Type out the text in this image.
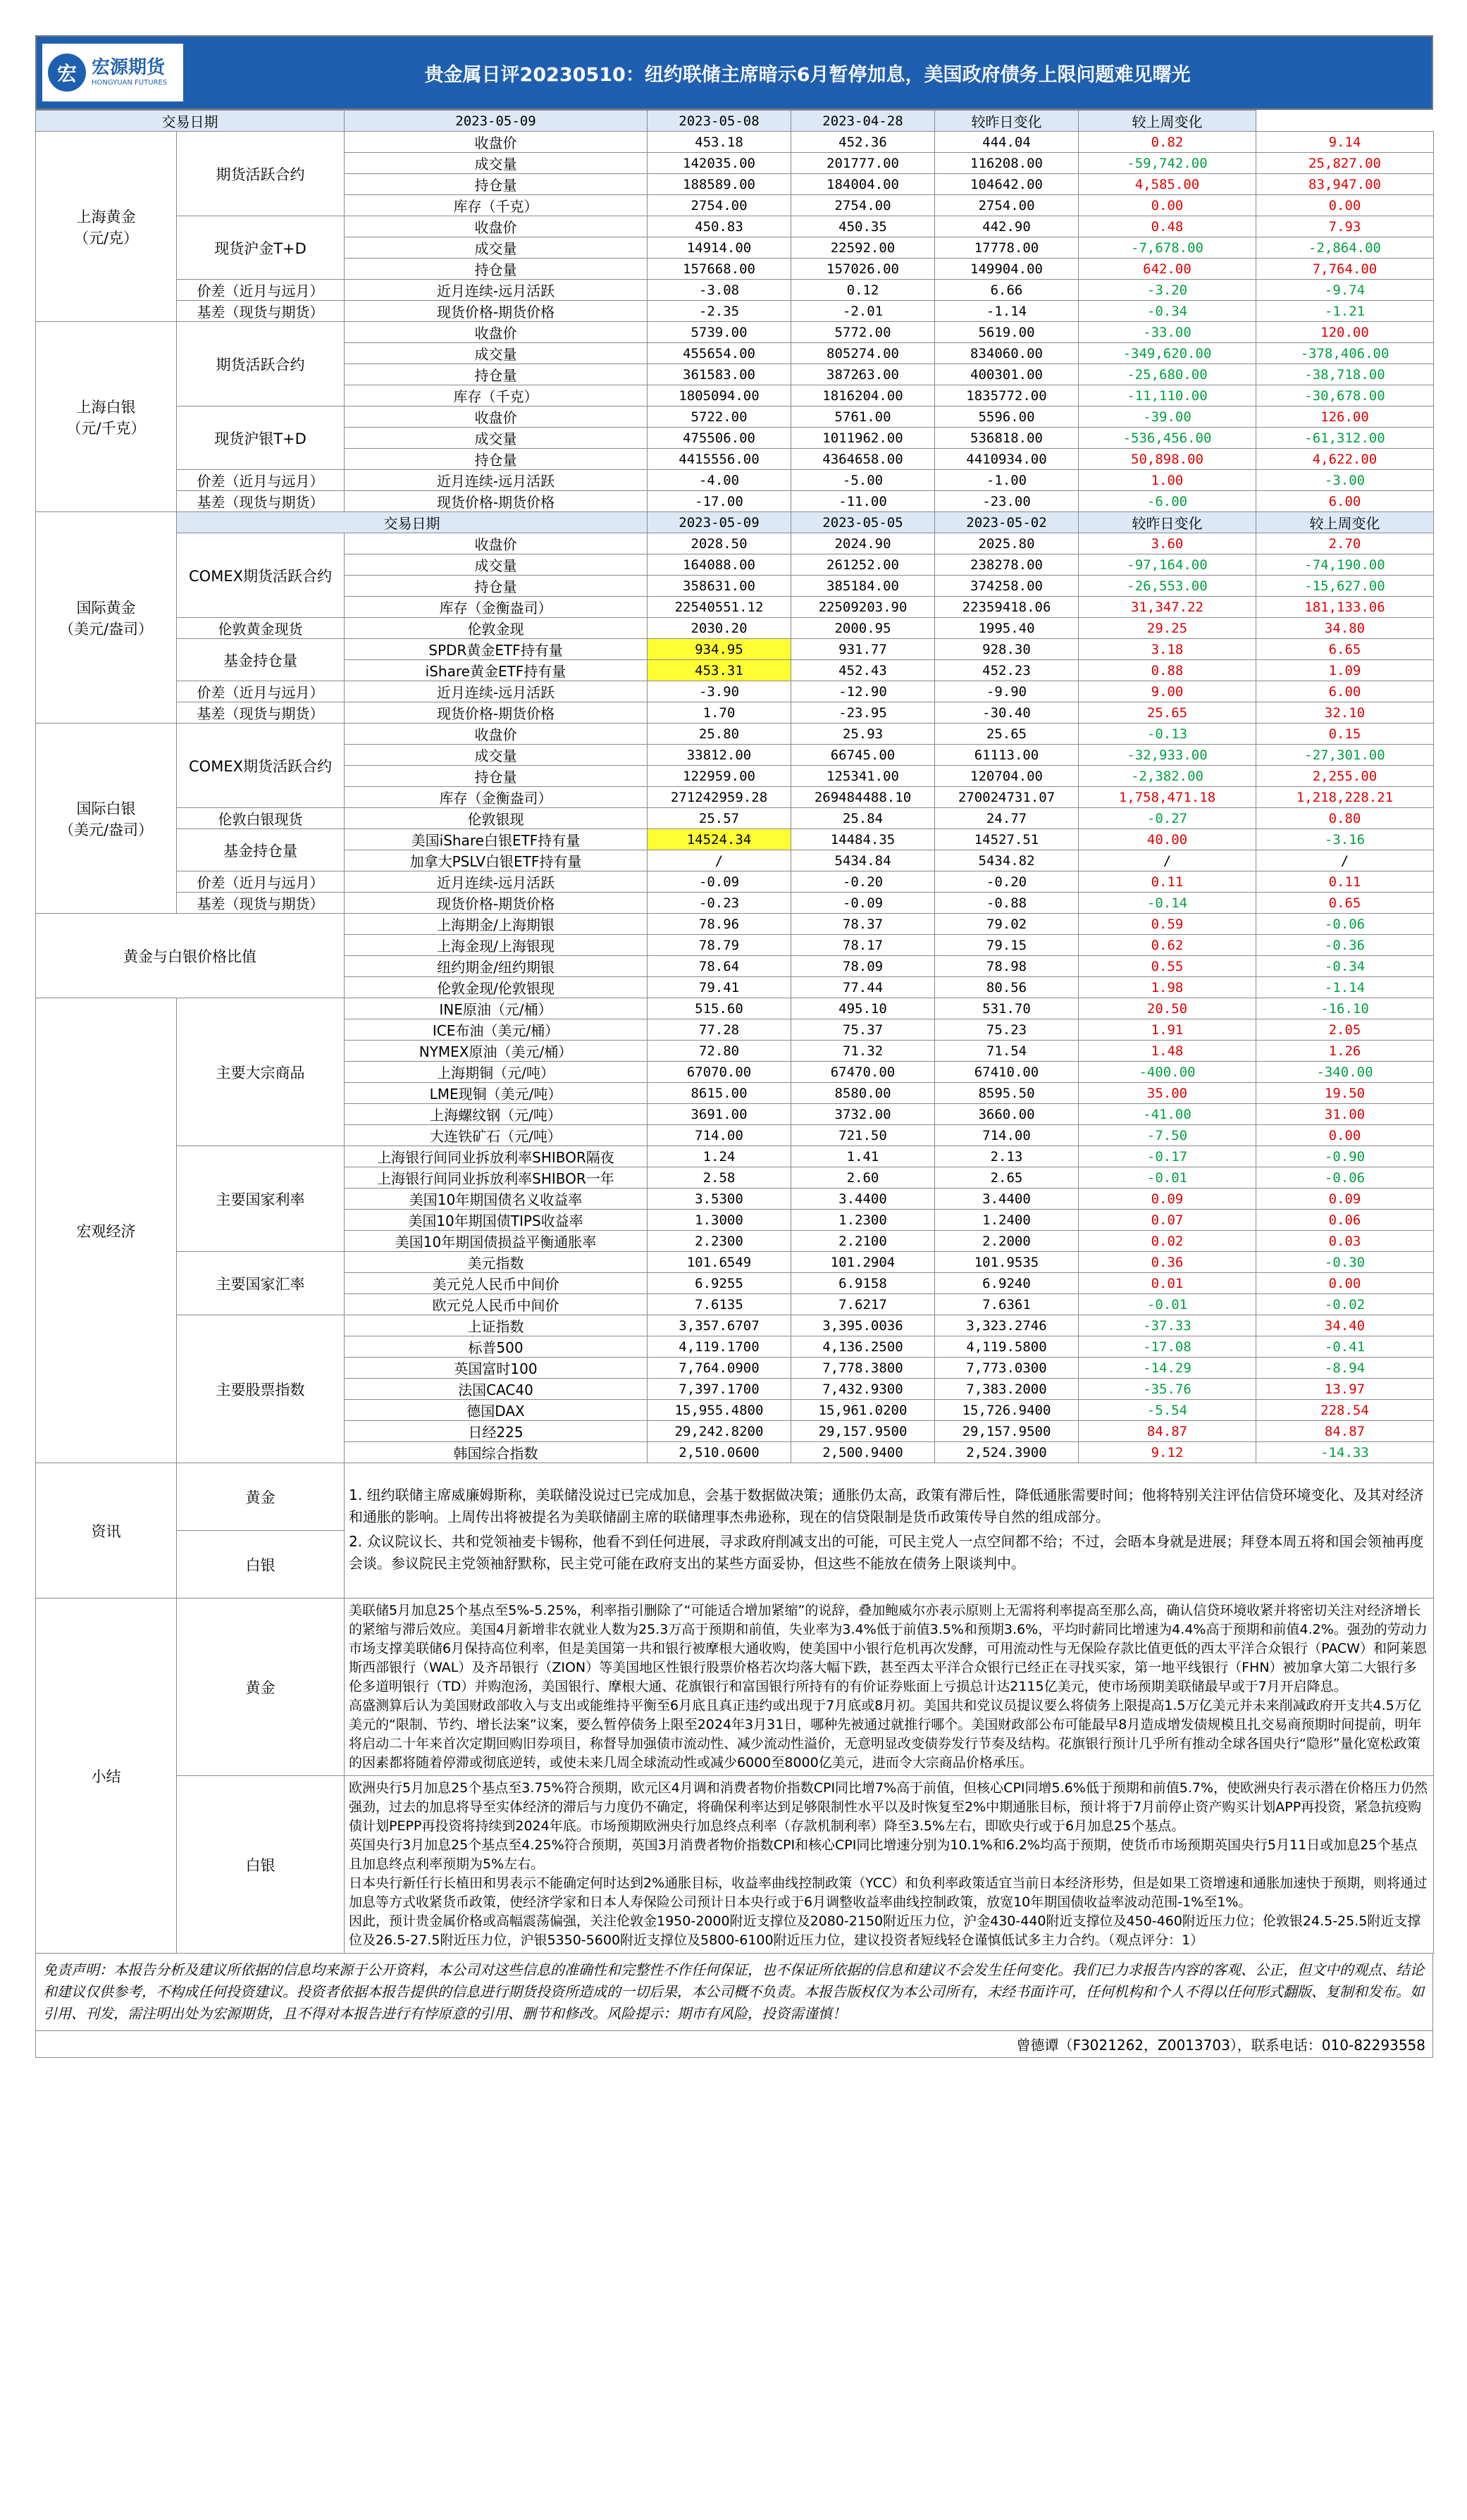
宏 宏源期货
HONGYUAN FUTURES	贵金属日评20230510：纽约联储主席暗示6月暂停加息，美国政府债务上限问题难见曙光
交易日期		2023-05-09	2023-05-08	2023-04-28	较昨日变化	较上周变化	
上海黄金
（元/克）	期货活跃合约	收盘价	453.18	452.36	444.04	0.82	9.14
		成交量	142035.00	201777.00	116208.00	-59,742.00	25,827.00
		持仓量	188589.00	184004.00	104642.00	4,585.00	83,947.00
		库存（千克）	2754.00	2754.00	2754.00	0.00	0.00
	现货沪金T+D	收盘价	450.83	450.35	442.90	0.48	7.93
		成交量	14914.00	22592.00	17778.00	-7,678.00	-2,864.00
		持仓量	157668.00	157026.00	149904.00	642.00	7,764.00
	价差（近月与远月）	近月连续-远月活跃	-3.08	0.12	6.66	-3.20	-9.74
	基差（现货与期货）	现货价格-期货价格	-2.35	-2.01	-1.14	-0.34	-1.21
上海白银
（元/千克）	期货活跃合约	收盘价	5739.00	5772.00	5619.00	-33.00	120.00
		成交量	455654.00	805274.00	834060.00	-349,620.00	-378,406.00
		持仓量	361583.00	387263.00	400301.00	-25,680.00	-38,718.00
		库存（千克）	1805094.00	1816204.00	1835772.00	-11,110.00	-30,678.00
	现货沪银T+D	收盘价	5722.00	5761.00	5596.00	-39.00	126.00
		成交量	475506.00	1011962.00	536818.00	-536,456.00	-61,312.00
		持仓量	4415556.00	4364658.00	4410934.00	50,898.00	4,622.00
	价差（近月与远月）	近月连续-远月活跃	-4.00	-5.00	-1.00	1.00	-3.00
	基差（现货与期货）	现货价格-期货价格	-17.00	-11.00	-23.00	-6.00	6.00
国际黄金
（美元/盎司）	交易日期		2023-05-09	2023-05-05	2023-05-02	较昨日变化	较上周变化
	COMEX期货活跃合约	收盘价	2028.50	2024.90	2025.80	3.60	2.70
		成交量	164088.00	261252.00	238278.00	-97,164.00	-74,190.00
		持仓量	358631.00	385184.00	374258.00	-26,553.00	-15,627.00
		库存（金衡盎司）	22540551.12	22509203.90	22359418.06	31,347.22	181,133.06
	伦敦黄金现货	伦敦金现	2030.20	2000.95	1995.40	29.25	34.80
	基金持仓量	SPDR黄金ETF持有量	934.95	931.77	928.30	3.18	6.65
		iShare黄金ETF持有量	453.31	452.43	452.23	0.88	1.09
	价差（近月与远月）	近月连续-远月活跃	-3.90	-12.90	-9.90	9.00	6.00
	基差（现货与期货）	现货价格-期货价格	1.70	-23.95	-30.40	25.65	32.10
国际白银
（美元/盎司）	COMEX期货活跃合约	收盘价	25.80	25.93	25.65	-0.13	0.15
		成交量	33812.00	66745.00	61113.00	-32,933.00	-27,301.00
		持仓量	122959.00	125341.00	120704.00	-2,382.00	2,255.00
		库存（金衡盎司）	271242959.28	269484488.10	270024731.07	1,758,471.18	1,218,228.21
	伦敦白银现货	伦敦银现	25.57	25.84	24.77	-0.27	0.80
	基金持仓量	美国iShare白银ETF持有量	14524.34	14484.35	14527.51	40.00	-3.16
		加拿大PSLV白银ETF持有量	/	5434.84	5434.82	/	/
	价差（近月与远月）	近月连续-远月活跃	-0.09	-0.20	-0.20	0.11	0.11
	基差（现货与期货）	现货价格-期货价格	-0.23	-0.09	-0.88	-0.14	0.65
黄金与白银价格比值		上海期金/上海期银	78.96	78.37	79.02	0.59	-0.06
		上海金现/上海银现	78.79	78.17	79.15	0.62	-0.36
		纽约期金/纽约期银	78.64	78.09	78.98	0.55	-0.34
		伦敦金现/伦敦银现	79.41	77.44	80.56	1.98	-1.14
宏观经济	主要大宗商品	INE原油（元/桶）	515.60	495.10	531.70	20.50	-16.10
		ICE布油（美元/桶）	77.28	75.37	75.23	1.91	2.05
		NYMEX原油（美元/桶）	72.80	71.32	71.54	1.48	1.26
		上海期铜（元/吨）	67070.00	67470.00	67410.00	-400.00	-340.00
		LME现铜（美元/吨）	8615.00	8580.00	8595.50	35.00	19.50
		上海螺纹钢（元/吨）	3691.00	3732.00	3660.00	-41.00	31.00
		大连铁矿石（元/吨）	714.00	721.50	714.00	-7.50	0.00
	主要国家利率	上海银行间同业拆放利率SHIBOR隔夜	1.24	1.41	2.13	-0.17	-0.90
		上海银行间同业拆放利率SHIBOR一年	2.58	2.60	2.65	-0.01	-0.06
		美国10年期国债名义收益率	3.5300	3.4400	3.4400	0.09	0.09
		美国10年期国债TIPS收益率	1.3000	1.2300	1.2400	0.07	0.06
		美国10年期国债损益平衡通胀率	2.2300	2.2100	2.2000	0.02	0.03
	主要国家汇率	美元指数	101.6549	101.2904	101.9535	0.36	-0.30
		美元兑人民币中间价	6.9255	6.9158	6.9240	0.01	0.00
		欧元兑人民币中间价	7.6135	7.6217	7.6361	-0.01	-0.02
	主要股票指数	上证指数	3,357.6707	3,395.0036	3,323.2746	-37.33	34.40
		标普500	4,119.1700	4,136.2500	4,119.5800	-17.08	-0.41
		英国富时100	7,764.0900	7,778.3800	7,773.0300	-14.29	-8.94
		法国CAC40	7,397.1700	7,432.9300	7,383.2000	-35.76	13.97
		德国DAX	15,955.4800	15,961.0200	15,726.9400	-5.54	228.54
		日经225	29,242.8200	29,157.9500	29,157.9500	84.87	84.87
		韩国综合指数	2,510.0600	2,500.9400	2,524.3900	9.12	-14.33
资讯	黄金	1. 纽约联储主席威廉姆斯称，美联储没说过已完成加息，会基于数据做决策；通胀仍太高，政策有滞后性，降低通胀需要时间；他将特别关注评估信贷环境变化、及其对经济和通胀的影响。上周传出将被提名为美联储副主席的联储理事杰弗逊称，现在的信贷限制是货币政策传导自然的组成部分。

2. 众议院议长、共和党领袖麦卡锡称，他看不到任何进展，寻求政府削减支出的可能，可民主党人一点空间都不给；不过，会晤本身就是进展；拜登本周五将和国会领袖再度会谈。参议院民主党领袖舒默称，民主党可能在政府支出的某些方面妥协，但这些不能放在债务上限谈判中。					

	白银						
小结	黄金	美联储5月加息25个基点至5%-5.25%，利率指引删除了“可能适合增加紧缩”的说辞，叠加鲍威尔亦表示原则上无需将利率提高至那么高，确认信贷环境收紧并将密切关注对经济增长的紧缩与滞后效应。美国4月新增非农就业人数为25.3万高于预期和前值，失业率为3.4%低于前值3.5%和预期3.6%，平均时薪同比增速为4.4%高于预期和前值4.2%。强劲的劳动力市场支撑美联储6月保持高位利率，但是美国第一共和银行被摩根大通收购，使美国中小银行危机再次发酵，可用流动性与无保险存款比值更低的西太平洋合众银行（PACW）和阿莱恩斯西部银行（WAL）及齐昂银行（ZION）等美国地区性银行股票价格若次均落大幅下跌，甚至西太平洋合众银行已经正在寻找买家，第一地平线银行（FHN）被加拿大第二大银行多伦多道明银行（TD）并购泡汤，美国银行、摩根大通、花旗银行和富国银行所持有的有价证券账面上亏损总计达2115亿美元，使市场预期美联储最早或于7月开启降息。
高盛测算后认为美国财政部收入与支出或能维持平衡至6月底且真正违约或出现于7月底或8月初。美国共和党议员提议要么将债务上限提高1.5万亿美元并未来削减政府开支共4.5万亿美元的“限制、节约、增长法案”议案，要么暂停债务上限至2024年3月31日，哪种先被通过就推行哪个。美国财政部公布可能最早8月造成增发债规模且扎交易商预期时间提前，明年将启动二十年来首次定期回购旧券项目，称督导加强债市流动性、减少流动性溢价，无意明显改变债券发行节奏及结构。花旗银行预计几乎所有推动全球各国央行“隐形”量化宽松政策的因素都将随着停滞或彻底逆转，或使未来几周全球流动性或减少6000至8000亿美元，进而令大宗商品价格承压。					
	白银	欧洲央行5月加息25个基点至3.75%符合预期，欧元区4月调和消费者物价指数CPI同比增7%高于前值，但核心CPI同增5.6%低于预期和前值5.7%，使欧洲央行表示潜在价格压力仍然强劲，过去的加息将导至实体经济的滞后与力度仍不确定，将确保利率达到足够限制性水平以及时恢复至2%中期通胀目标，预计将于7月前停止资产购买计划APP再投资，紧急抗疫购债计划PEPP再投资将持续到2024年底。市场预期欧洲央行加息终点利率（存款机制利率）降至3.5%左右，即欧央行或于6月加息25个基点。
英国央行3月加息25个基点至4.25%符合预期，英国3月消费者物价指数CPI和核心CPI同比增速分别为10.1%和6.2%均高于预期，使货币市场预期英国央行5月11日或加息25个基点且加息终点利率预期为5%左右。
日本央行新任行长植田和男表示不能确定何时达到2%通胀目标，收益率曲线控制政策（YCC）和负利率政策适宜当前日本经济形势，但是如果工资增速和通胀加速快于预期，则将通过加息等方式收紧货币政策，使经济学家和日本人寿保险公司预计日本央行或于6月调整收益率曲线控制政策，放宽10年期国债收益率波动范围-1%至1%。
因此，预计贵金属价格或高幅震荡偏强，关注伦敦金1950-2000附近支撑位及2080-2150附近压力位，沪金430-440附近支撑位及450-460附近压力位；伦敦银24.5-25.5附近支撑位及26.5-27.5附近压力位，沪银5350-5600附近支撑位及5800-6100附近压力位，建议投资者短线轻仓谨慎低试多主力合约。（观点评分：1）					
免责声明：本报告分析及建议所依据的信息均来源于公开资料，本公司对这些信息的准确性和完整性不作任何保证，也不保证所依据的信息和建议不会发生任何变化。我们已力求报告内容的客观、公正，但文中的观点、结论和建议仅供参考，不构成任何投资建议。投资者依据本报告提供的信息进行期货投资所造成的一切后果，本公司概不负责。本报告版权仅为本公司所有，未经书面许可，任何机构和个人不得以任何形式翻版、复制和发布。如引用、刊发，需注明出处为宏源期货，且不得对本报告进行有悖原意的引用、删节和修改。风险提示：期市有风险，投资需谨慎！
曾德谭（F3021262，Z0013703），联系电话：010-82293558
